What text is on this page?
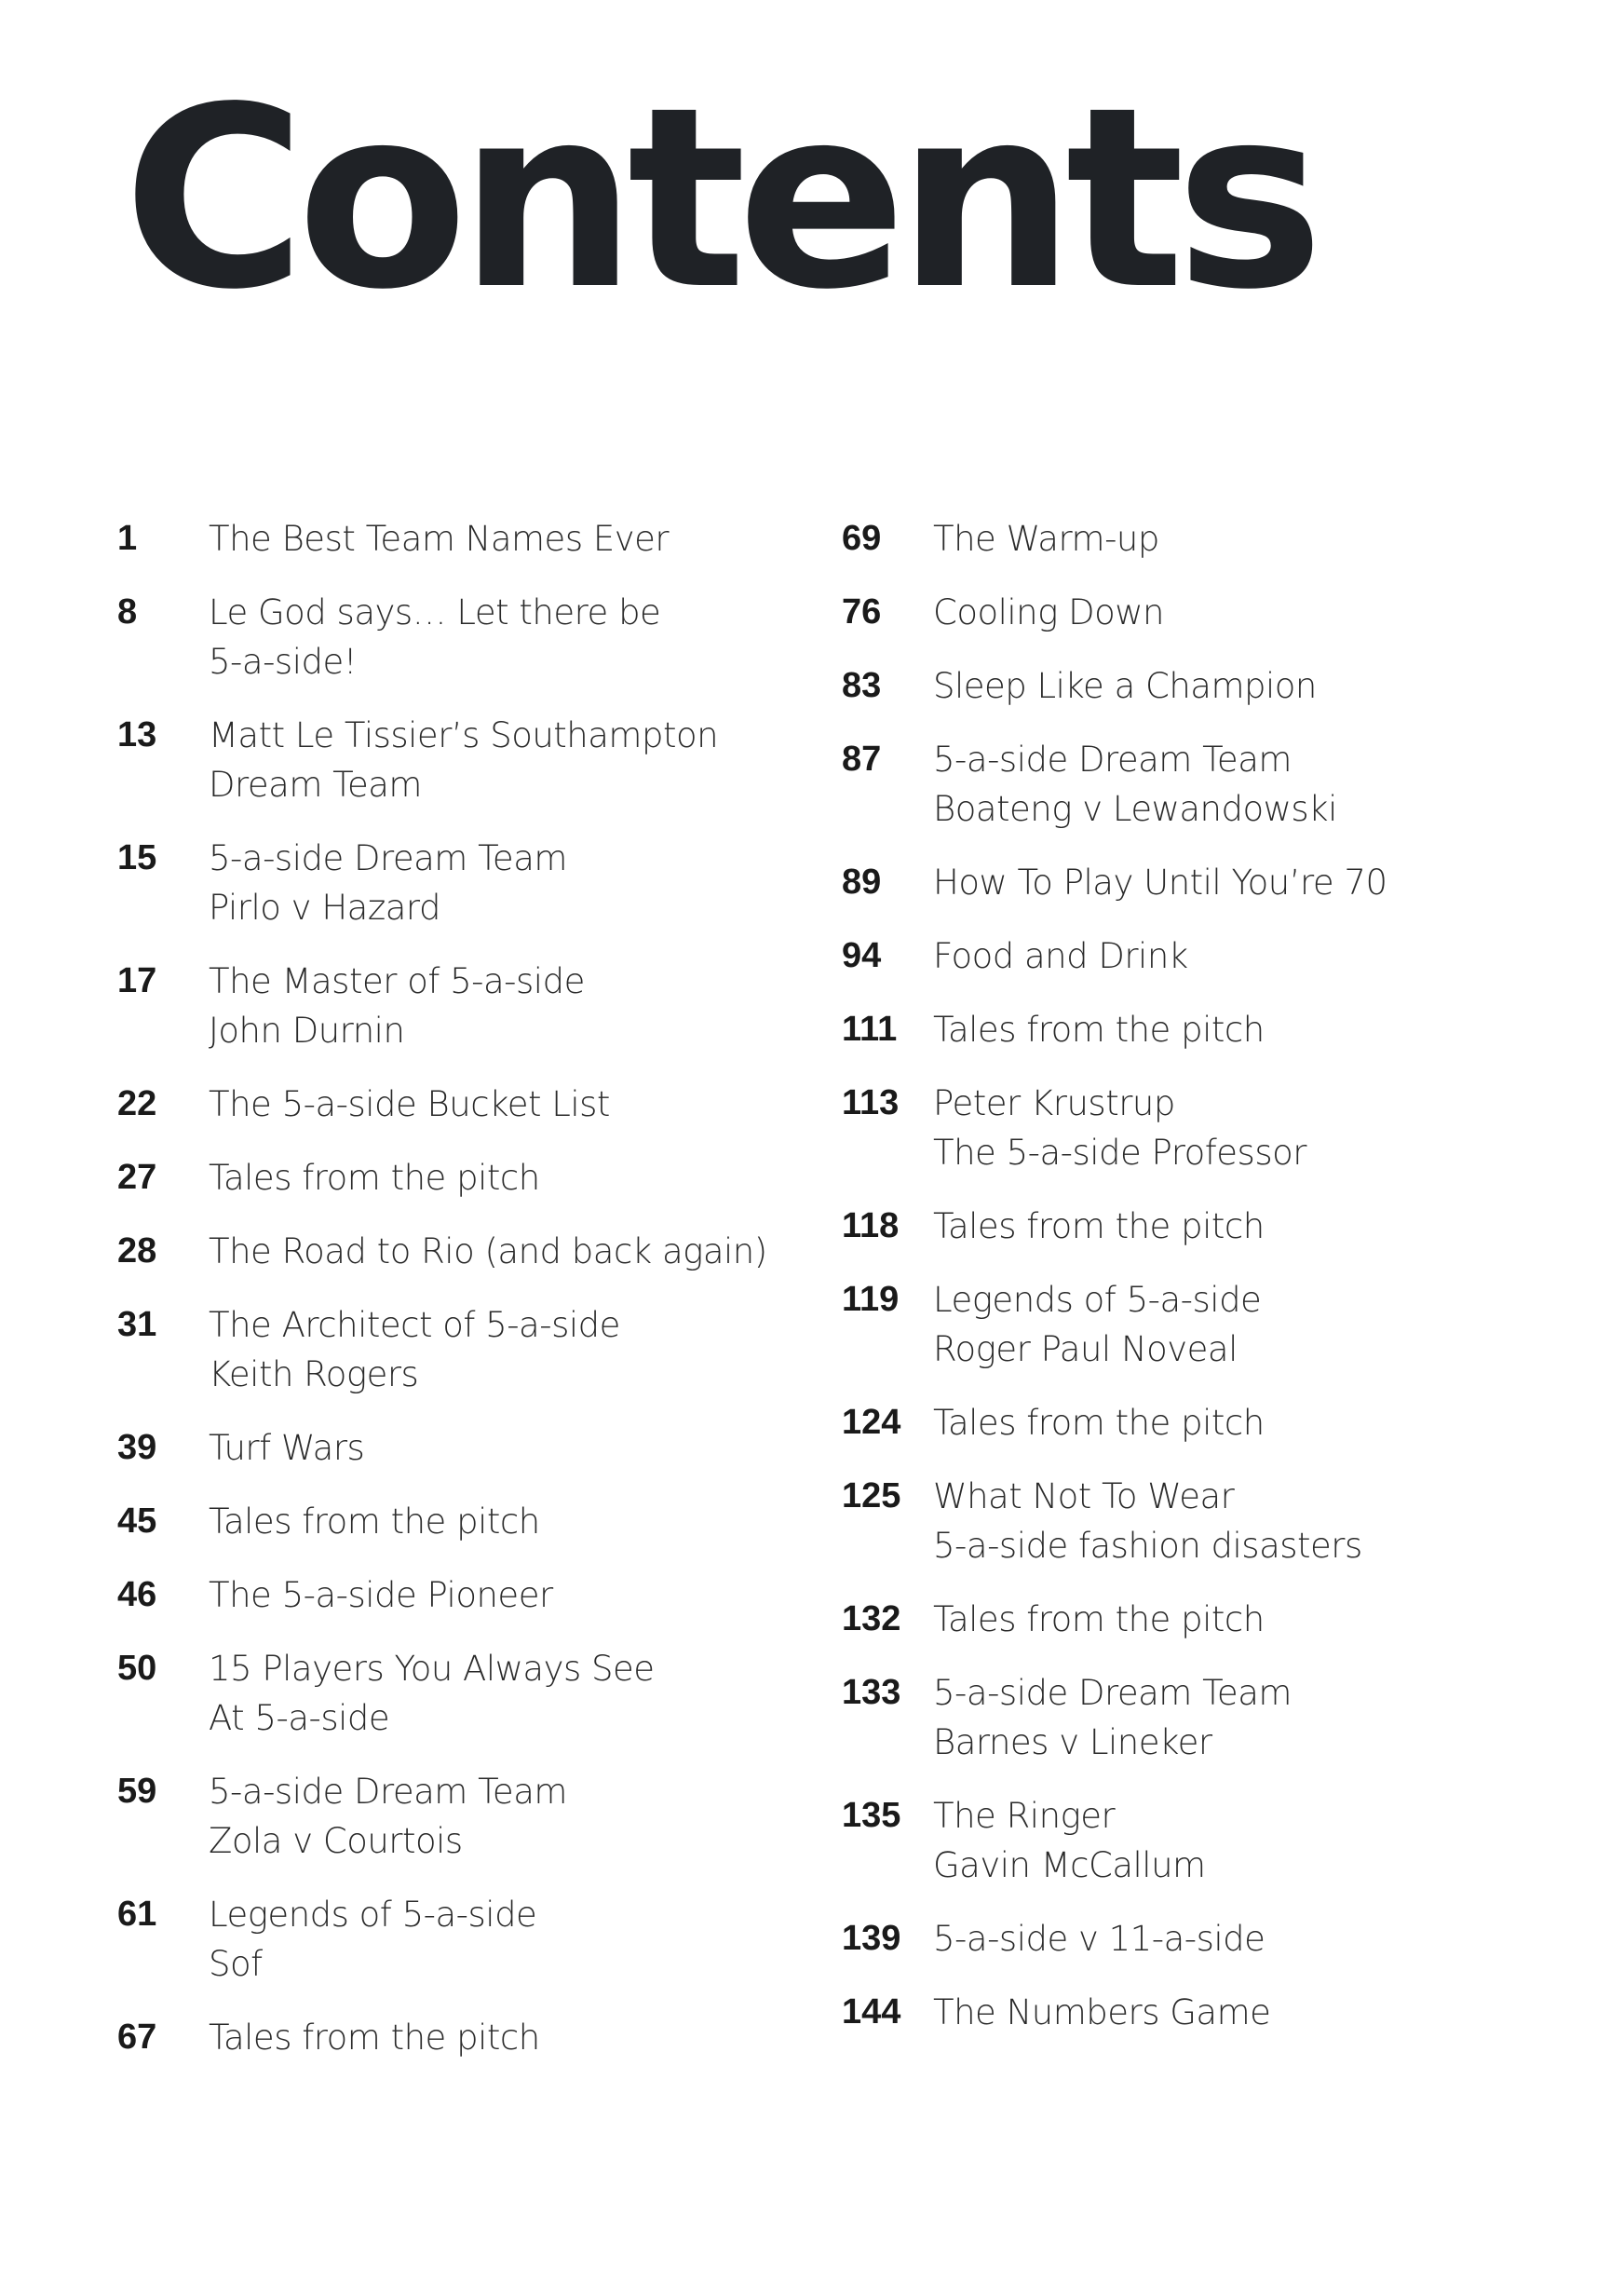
Contents
1	The Best Team Names Ever
8	Le God says… Let there be
5-a-side!
13	Matt Le Tissier’s Southampton
Dream Team
15	5-a-side Dream Team
Pirlo v Hazard
17	The Master of 5-a-side
John Durnin
22	The 5-a-side Bucket List
27	Tales from the pitch
28	The Road to Rio (and back again)
31	The Architect of 5-a-side
Keith Rogers
39	Turf Wars
45	Tales from the pitch
46	The 5-a-side Pioneer
50	15 Players You Always See
At 5-a-side
59	5-a-side Dream Team
Zola v Courtois
61	Legends of 5-a-side
Sof
67	Tales from the pitch
69	The Warm-up
76	Cooling Down
83	Sleep Like a Champion
87	5-a-side Dream Team
Boateng v Lewandowski
89	How To Play Until You’re 70
94	Food and Drink
111	Tales from the pitch
113 Peter Krustrup
The 5-a-side Professor
118 Tales from the pitch
119 Legends of 5-a-side
Roger Paul Noveal
124 Tales from the pitch
125 What Not To Wear
5-a-side fashion disasters
132 Tales from the pitch
133 5-a-side Dream Team
Barnes v Lineker
135 The Ringer
Gavin McCallum
139 5-a-side v 11-a-side
144 The Numbers Game
